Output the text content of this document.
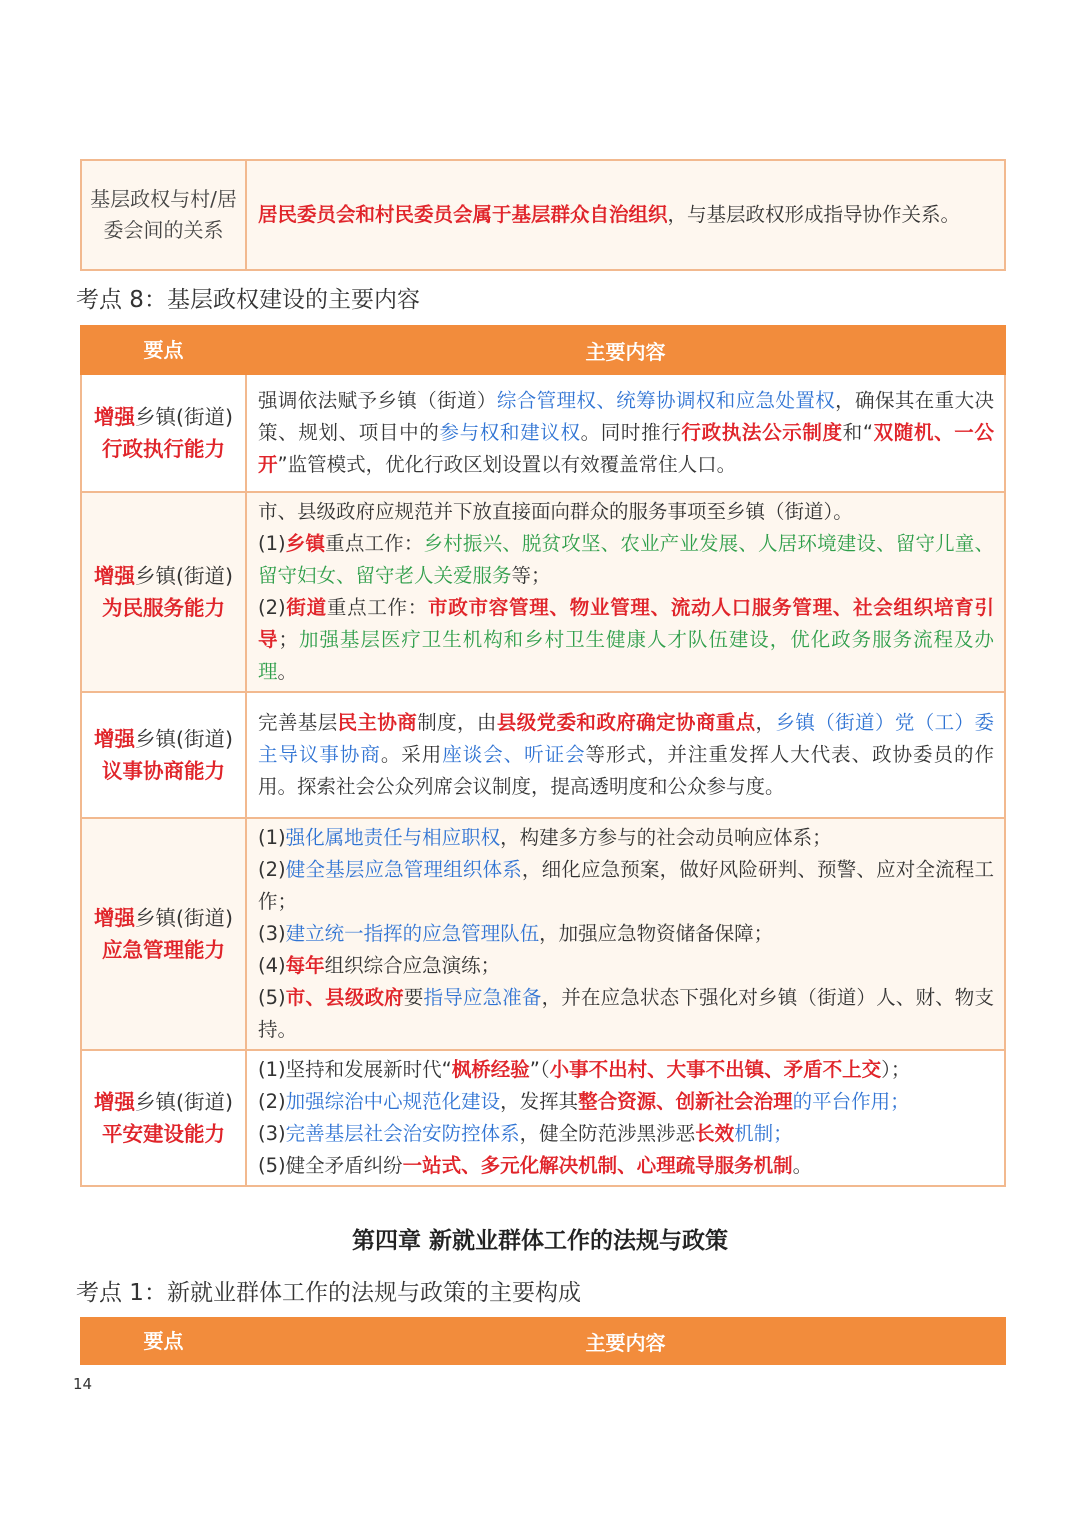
基层政权与村/居委会间的关系	居民委员会和村民委员会属于基层群众自治组织，与基层政权形成指导协作关系。
考点 8：基层政权建设的主要内容
要点	主要内容
增强乡镇(街道)行政执行能力	强调依法赋予乡镇（街道）综合管理权、统筹协调权和应急处置权，确保其在重大决策、规划、项目中的参与权和建议权。同时推行行政执法公示制度和“双随机、一公开”监管模式，优化行政区划设置以有效覆盖常住人口。

增强乡镇(街道)为民服务能力	市、县级政府应规范并下放直接面向群众的服务事项至乡镇（街道）。
(1)乡镇重点工作：乡村振兴、脱贫攻坚、农业产业发展、人居环境建设、留守儿童、留守妇女、留守老人关爱服务等；
(2)街道重点工作：市政市容管理、物业管理、流动人口服务管理、社会组织培育引导；加强基层医疗卫生机构和乡村卫生健康人才队伍建设，优化政务服务流程及办理。

增强乡镇(街道)议事协商能力	完善基层民主协商制度，由县级党委和政府确定协商重点，乡镇（街道）党（工）委主导议事协商。采用座谈会、听证会等形式，并注重发挥人大代表、政协委员的作用。探索社会公众列席会议制度，提高透明度和公众参与度。

增强乡镇(街道)应急管理能力	(1)强化属地责任与相应职权，构建多方参与的社会动员响应体系；
(2)健全基层应急管理组织体系，细化应急预案，做好风险研判、预警、应对全流程工作；
(3)建立统一指挥的应急管理队伍，加强应急物资储备保障；
(4)每年组织综合应急演练；
(5)市、县级政府要指导应急准备，并在应急状态下强化对乡镇（街道）人、财、物支持。

增强乡镇(街道)平安建设能力	(1)坚持和发展新时代“枫桥经验”（小事不出村、大事不出镇、矛盾不上交）；
(2)加强综治中心规范化建设，发挥其整合资源、创新社会治理的平台作用；
(3)完善基层社会治安防控体系，健全防范涉黑涉恶长效机制；
(5)健全矛盾纠纷一站式、多元化解决机制、心理疏导服务机制。
第四章 新就业群体工作的法规与政策
考点 1：新就业群体工作的法规与政策的主要构成
要点	主要内容
14
